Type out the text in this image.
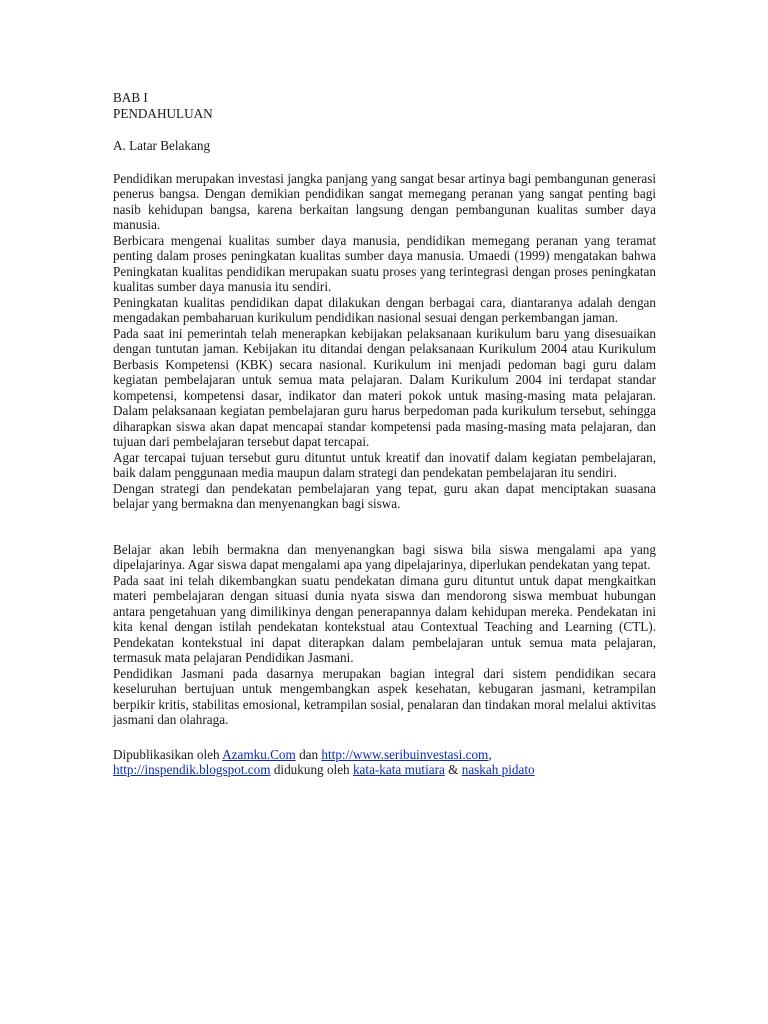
BAB I

PENDAHULUAN

A. Latar Belakang

Pendidikan merupakan investasi jangka panjang yang sangat besar artinya bagi pembangunan generasi penerus bangsa. Dengan demikian pendidikan sangat memegang peranan yang sangat penting bagi nasib kehidupan bangsa, karena berkaitan langsung dengan pembangunan kualitas sumber daya manusia.

Berbicara mengenai kualitas sumber daya manusia, pendidikan memegang peranan yang teramat penting dalam proses peningkatan kualitas sumber daya manusia. Umaedi (1999) mengatakan bahwa Peningkatan kualitas pendidikan merupakan suatu proses yang terintegrasi dengan proses peningkatan kualitas sumber daya manusia itu sendiri.

Peningkatan kualitas pendidikan dapat dilakukan dengan berbagai cara, diantaranya adalah dengan mengadakan pembaharuan kurikulum pendidikan nasional sesuai dengan perkembangan jaman.

Pada saat ini pemerintah telah menerapkan kebijakan pelaksanaan kurikulum baru yang disesuaikan dengan tuntutan jaman. Kebijakan itu ditandai dengan pelaksanaan Kurikulum 2004 atau Kurikulum Berbasis Kompetensi (KBK) secara nasional. Kurikulum ini menjadi pedoman bagi guru dalam kegiatan pembelajaran untuk semua mata pelajaran. Dalam Kurikulum 2004 ini terdapat standar kompetensi, kompetensi dasar, indikator dan materi pokok untuk masing-masing mata pelajaran. Dalam pelaksanaan kegiatan pembelajaran guru harus berpedoman pada kurikulum tersebut, sehingga diharapkan siswa akan dapat mencapai standar kompetensi pada masing-masing mata pelajaran, dan tujuan dari pembelajaran tersebut dapat tercapai.

Agar tercapai tujuan tersebut guru dituntut untuk kreatif dan inovatif dalam kegiatan pembelajaran, baik dalam penggunaan media maupun dalam strategi dan pendekatan pembelajaran itu sendiri.

Dengan strategi dan pendekatan pembelajaran yang tepat, guru akan dapat menciptakan suasana belajar yang bermakna dan menyenangkan bagi siswa.

Belajar akan lebih bermakna dan menyenangkan bagi siswa bila siswa mengalami apa yang dipelajarinya. Agar siswa dapat mengalami apa yang dipelajarinya, diperlukan pendekatan yang tepat.

Pada saat ini telah dikembangkan suatu pendekatan dimana guru dituntut untuk dapat mengkaitkan materi pembelajaran dengan situasi dunia nyata siswa dan mendorong siswa membuat hubungan antara pengetahuan yang dimilikinya dengan penerapannya dalam kehidupan mereka. Pendekatan ini kita kenal dengan istilah pendekatan kontekstual atau Contextual Teaching and Learning (CTL). Pendekatan kontekstual ini dapat diterapkan dalam pembelajaran untuk semua mata pelajaran, termasuk mata pelajaran Pendidikan Jasmani.

Pendidikan Jasmani pada dasarnya merupakan bagian integral dari sistem pendidikan secara keseluruhan bertujuan untuk mengembangkan aspek kesehatan, kebugaran jasmani, ketrampilan berpikir kritis, stabilitas emosional, ketrampilan sosial, penalaran dan tindakan moral melalui aktivitas jasmani dan olahraga.

Dipublikasikan oleh Azamku.Com dan http://www.seribuinvestasi.com,
http://inspendik.blogspot.com didukung oleh kata-kata mutiara & naskah pidato
